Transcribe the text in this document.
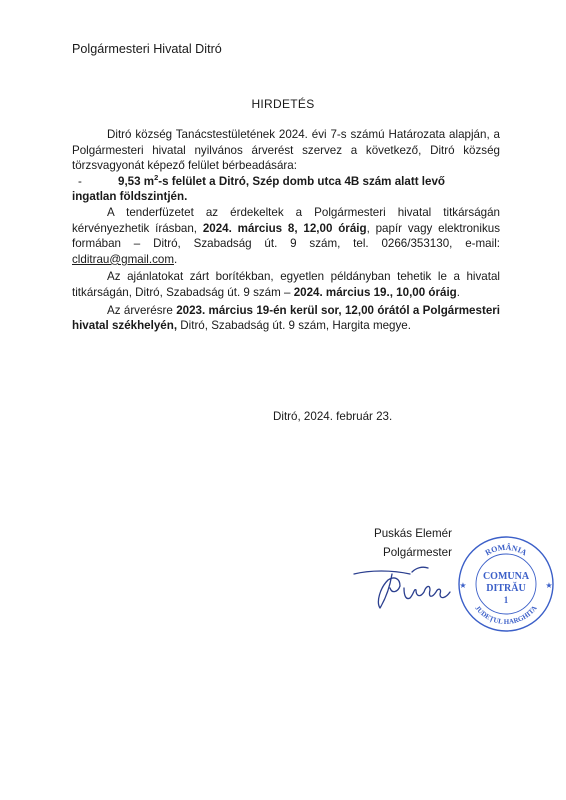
Polgármesteri Hivatal Ditró
HIRDETÉS

Ditró község Tanácstestületének 2024. évi 7-s számú Határozata alapján, a Polgármesteri hivatal nyilvános árverést szervez a következő, Ditró község törzsvagyonát képező felület bérbeadására:

-	9,53 $m^2-s$ felület a Ditró, Szép domb utca 4B szám alatt levő

ingatlan földszintjén.

A tenderfüzetet az érdekeltek a Polgármesteri hivatal titkárságán kérvényezhetik írásban, 2024. március 8, 12,00 óráig, papír vagy elektronikus formában – Ditró, Szabadság út. 9 szám, tel. 0266/353130, e-mail: clditrau@gmail.com.

Az ajánlatokat zárt borítékban, egyetlen példányban tehetik le a hivatal titkárságán, Ditró, Szabadság út. 9 szám – 2024. március 19., 10,00 óráig.

Az árverésre 2023. március 19-én kerül sor, 12,00 órától a Polgármesteri hivatal székhelyén, Ditró, Szabadság út. 9 szám, Hargita megye.

Ditró, 2024. február 23.
Puskás Elemér
Polgármester	ROMÂNIA
JUDEȚUL HARGHITA
COMUNA
DITRĂU
1
★	★
